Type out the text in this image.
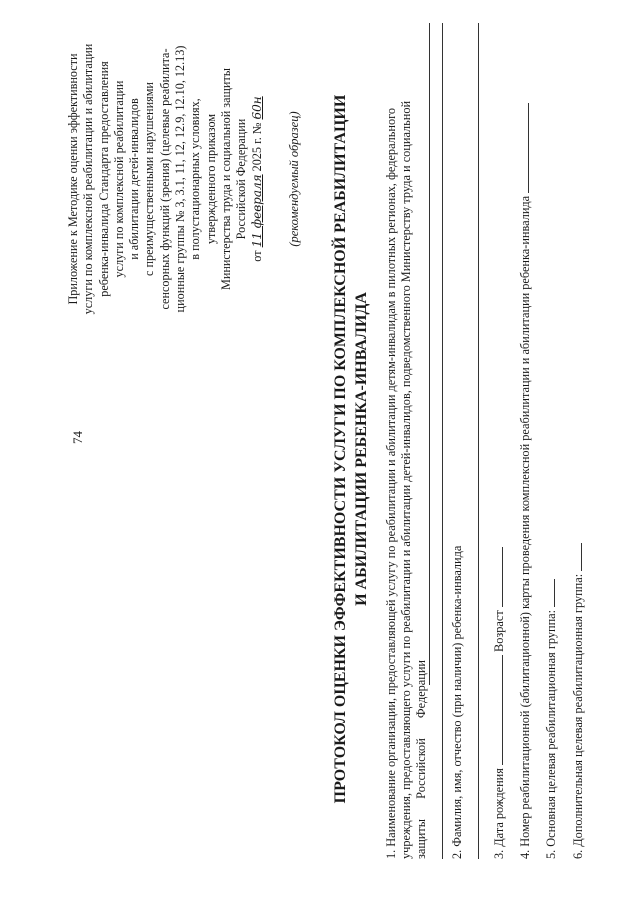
74
Приложение к Методике оценки эффективности услуги по комплексной реабилитации и абилитации ребенка-инвалида Стандарта предоставления услуги по комплексной реабилитации и абилитации детей-инвалидов с преимущественными нарушениями сенсорных функций (зрения) (целевые реабилита- ционные группы № 3, 3.1, 11, 12, 12.9, 12.10, 12.13) в полустационарных условиях, утвержденного приказом Министерства труда и социальной защиты Российской Федерации
от 11 февраля 2025 г. № 60н
(рекомендуемый образец) ПРОТОКОЛ ОЦЕНКИ ЭФФЕКТИВНОСТИ УСЛУГИ ПО КОМПЛЕКСНОЙ РЕАБИЛИТАЦИИ И АБИЛИТАЦИИ РЕБЕНКА-ИНВАЛИДА 1. Наименование организации, предоставляющей услугу по реабилитации и абилитации детям-инвалидам в пилотных регионах, федерального учреждения, предоставляющего услуги по реабилитации и абилитации детей-инвалидов, подведомственного Министерству труда и социальной защиты  Российской  Федерации 2. Фамилия, имя, отчество (при наличии) ребенка-инвалида 3. Дата рождения  Возраст 4. Номер реабилитационной (абилитационной) карты проведения комплексной реабилитации и абилитации ребенка-инвалида 5. Основная целевая реабилитационная группа: 6. Дополнительная целевая реабилитационная группа:
